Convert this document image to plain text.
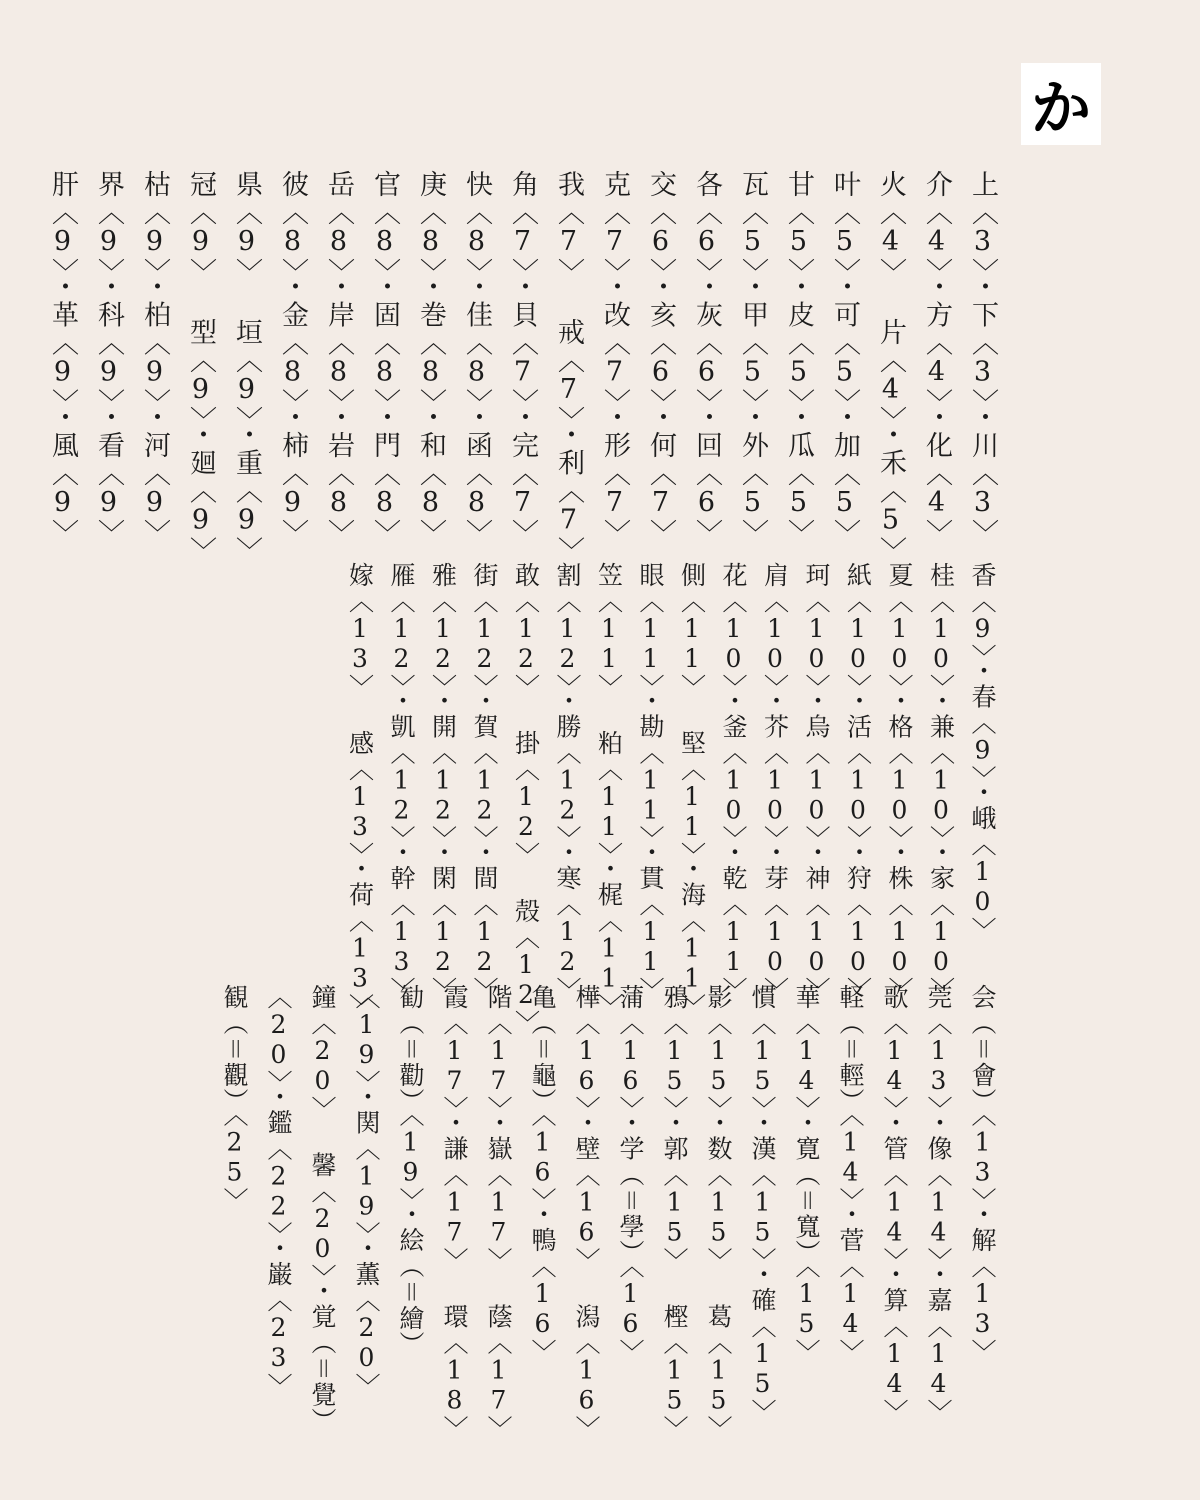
か
上〈3〉・下〈3〉・川〈3〉
介〈4〉・方〈4〉・化〈4〉
火〈4〉 片〈4〉・禾〈5〉
叶〈5〉・可〈5〉・加〈5〉
甘〈5〉・皮〈5〉・瓜〈5〉
瓦〈5〉・甲〈5〉・外〈5〉
各〈6〉・灰〈6〉・回〈6〉
交〈6〉・亥〈6〉・何〈7〉
克〈7〉・改〈7〉・形〈7〉
我〈7〉 戒〈7〉・利〈7〉
角〈7〉・貝〈7〉・完〈7〉
快〈8〉・佳〈8〉・函〈8〉
庚〈8〉・巻〈8〉・和〈8〉
官〈8〉・固〈8〉・門〈8〉
岳〈8〉・岸〈8〉・岩〈8〉
彼〈8〉・金〈8〉・柿〈9〉
県〈9〉 垣〈9〉・重〈9〉
冠〈9〉 型〈9〉・廻〈9〉
枯〈9〉・柏〈9〉・河〈9〉
界〈9〉・科〈9〉・看〈9〉
肝〈9〉・革〈9〉・風〈9〉
香〈9〉・春〈9〉・峨〈10〉
桂〈10〉・兼〈10〉・家〈10〉
夏〈10〉・格〈10〉・株〈10〉
紙〈10〉・活〈10〉・狩〈10〉
珂〈10〉・烏〈10〉・神〈10〉
肩〈10〉・芥〈10〉・芽〈10〉
花〈10〉・釜〈10〉・乾〈11〉
側〈11〉 堅〈11〉・海〈11〉
眼〈11〉・勘〈11〉・貫〈11〉
笠〈11〉 粕〈11〉・梶〈11〉
割〈12〉・勝〈12〉・寒〈12〉
敢〈12〉 掛〈12〉 殻〈12〉
街〈12〉・賀〈12〉・間〈12〉
雅〈12〉・開〈12〉・閑〈12〉
雁〈12〉・凱〈12〉・幹〈13〉
嫁〈13〉 感〈13〉・荷〈13〉
会（＝會）〈13〉・解〈13〉
莞〈13〉・像〈14〉・嘉〈14〉
歌〈14〉・管〈14〉・算〈14〉
軽（＝輕）〈14〉・菅〈14〉
華〈14〉・寛（＝寬）〈15〉
慣〈15〉・漢〈15〉・確〈15〉
影〈15〉・数〈15〉 葛〈15〉
鴉〈15〉・郭〈15〉 樫〈15〉
蒲〈16〉・学（＝學）〈16〉
樺〈16〉・壁〈16〉 潟〈16〉
亀（＝龜）〈16〉・鴨〈16〉
階〈17〉・嶽〈17〉 蔭〈17〉
霞〈17〉・謙〈17〉 環〈18〉
勧（＝勸）〈19〉・絵（＝繪）
〈19〉・関〈19〉・薫〈20〉
鐘〈20〉 馨〈20〉・覚（＝覺）
〈20〉・鑑〈22〉・巌〈23〉
観（＝觀）〈25〉
